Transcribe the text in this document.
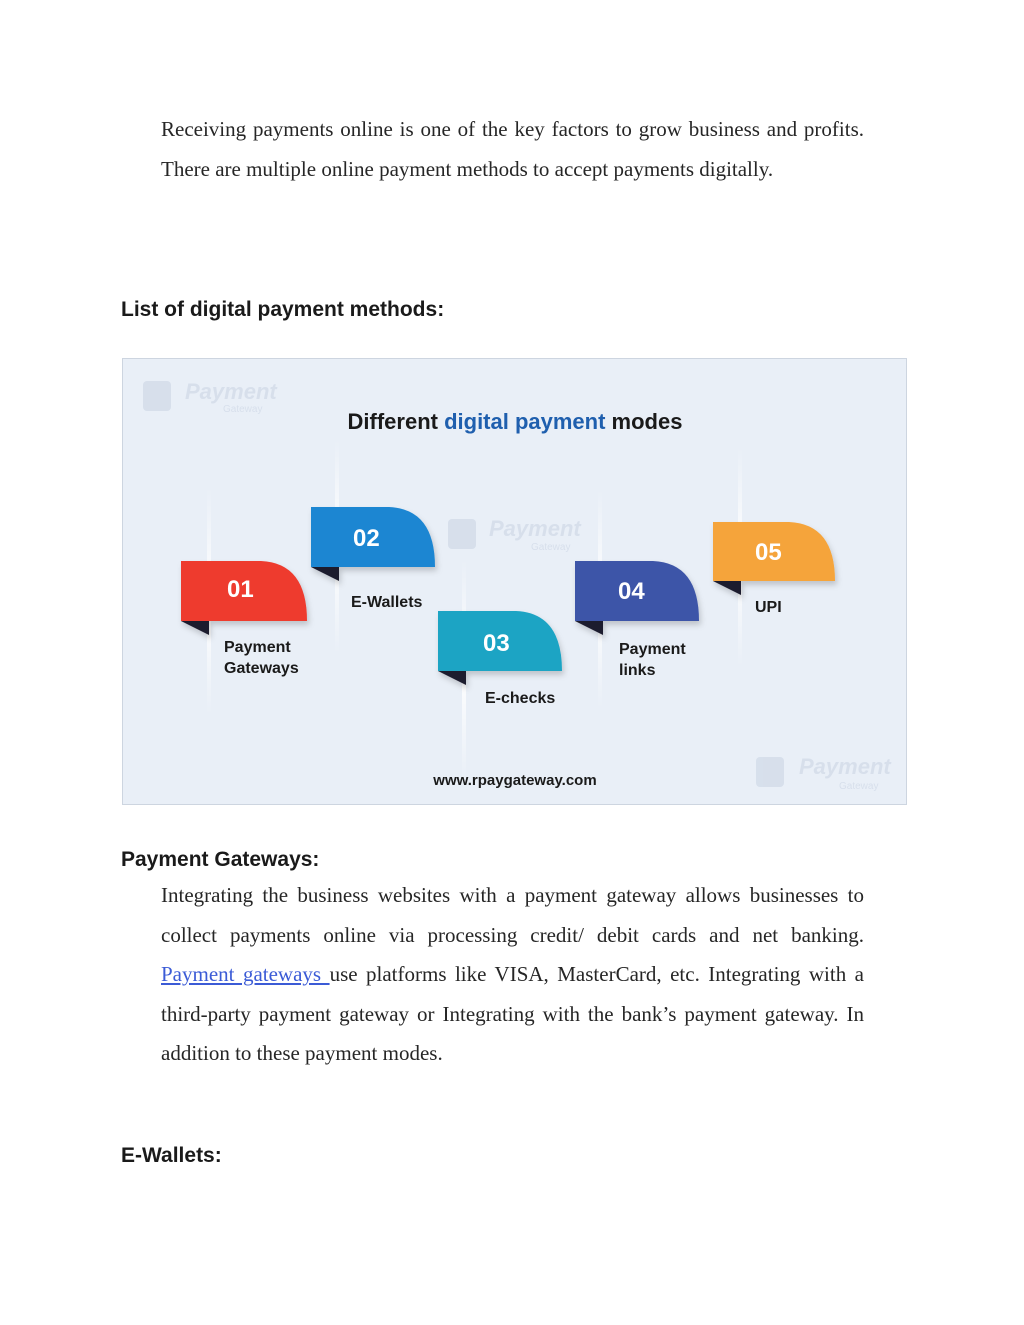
Receiving payments online is one of the key factors to grow business and profits. There are multiple online payment methods to accept payments digitally.

List of digital payment methods:
Payment
Gateway
Payment
Gateway
Payment
Gateway
Different digital payment modes
01
Payment
Gateways
02
E-Wallets
03
E-checks
04
Payment
links
05
UPI
www.rpaygateway.com
Payment Gateways:

Integrating the business websites with a payment gateway allows businesses to collect payments online via processing credit/ debit cards and net banking. Payment gateways use platforms like VISA, MasterCard, etc. Integrating with a third-party payment gateway or Integrating with the bank’s payment gateway. In addition to these payment modes.

E-Wallets:
